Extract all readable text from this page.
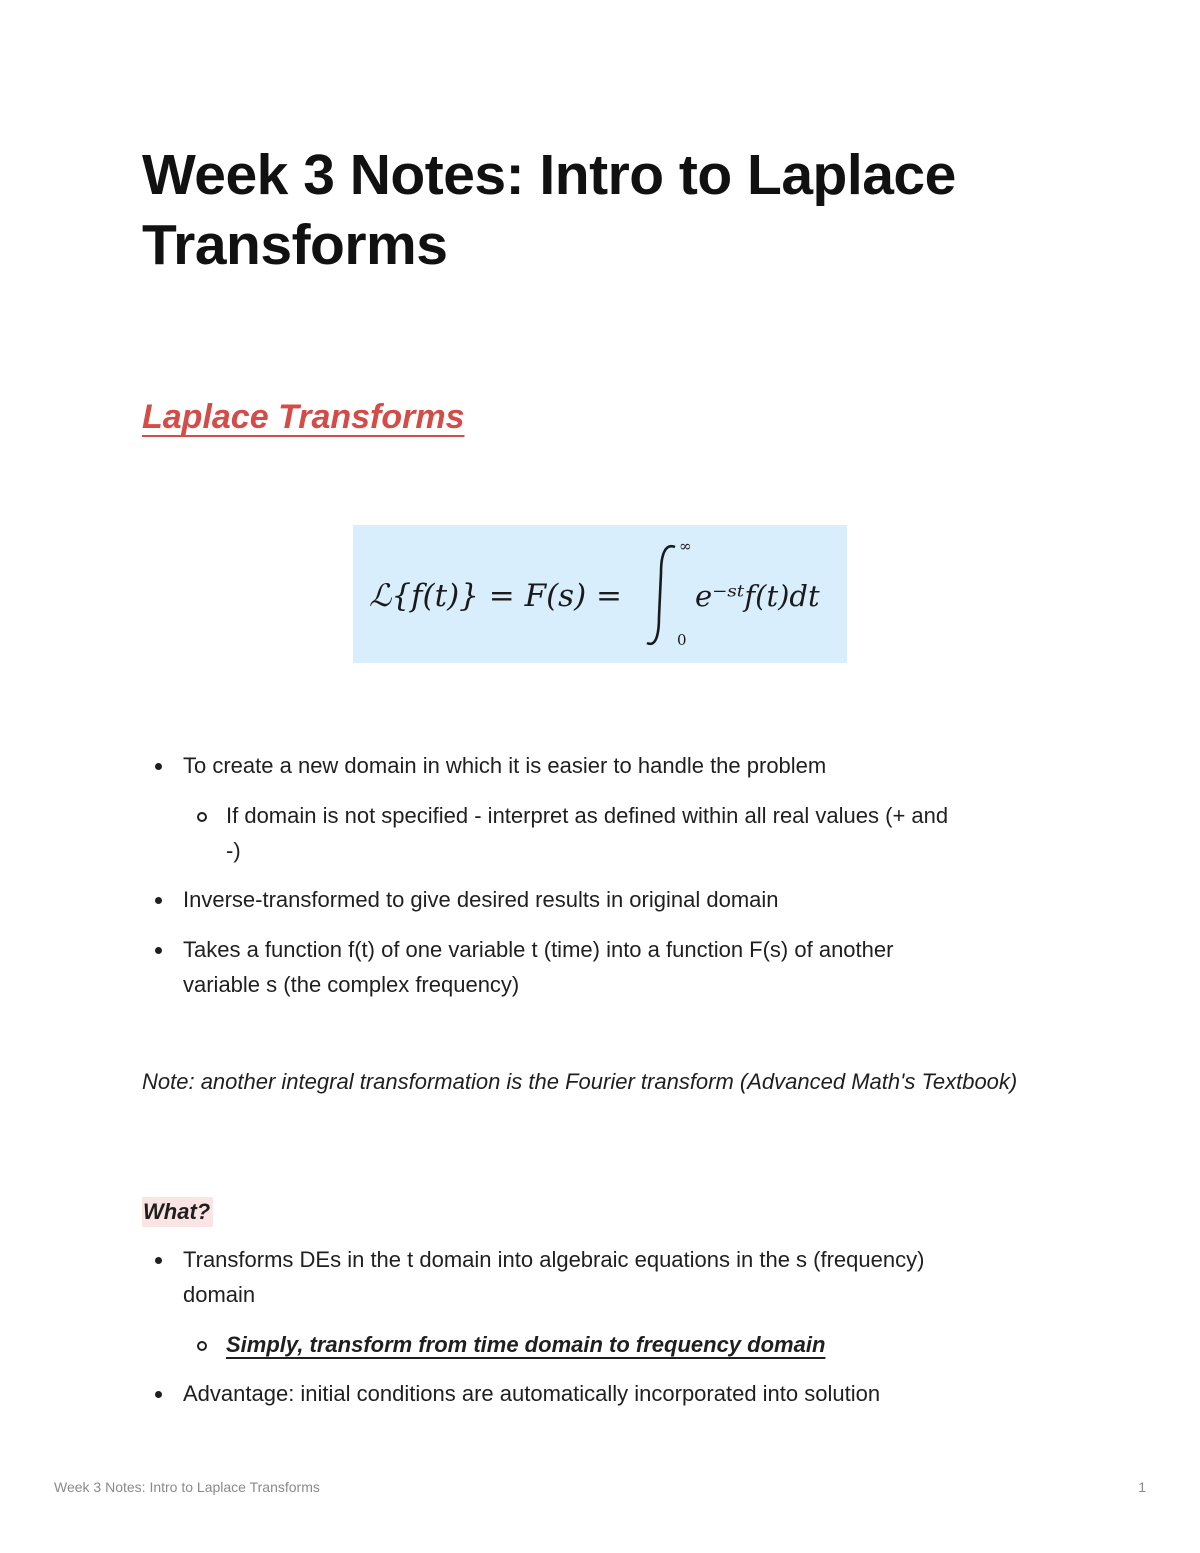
Week 3 Notes: Intro to Laplace Transforms
Laplace Transforms
ℒ{f(t)} = F(s) =
∞
0
e⁻ˢᵗf(t)dt
To create a new domain in which it is easier to handle the problem
If domain is not specified - interpret as defined within all real values (+ and
-)
Inverse-transformed to give desired results in original domain
Takes a function f(t) of one variable t (time) into a function F(s) of another
variable s (the complex frequency)

Note: another integral transformation is the Fourier transform (Advanced Math's Textbook)

What?
Transforms DEs in the t domain into algebraic equations in the s (frequency)
domain
Simply, transform from time domain to frequency domain
Advantage: initial conditions are automatically incorporated into solution
Week 3 Notes: Intro to Laplace Transforms	1
